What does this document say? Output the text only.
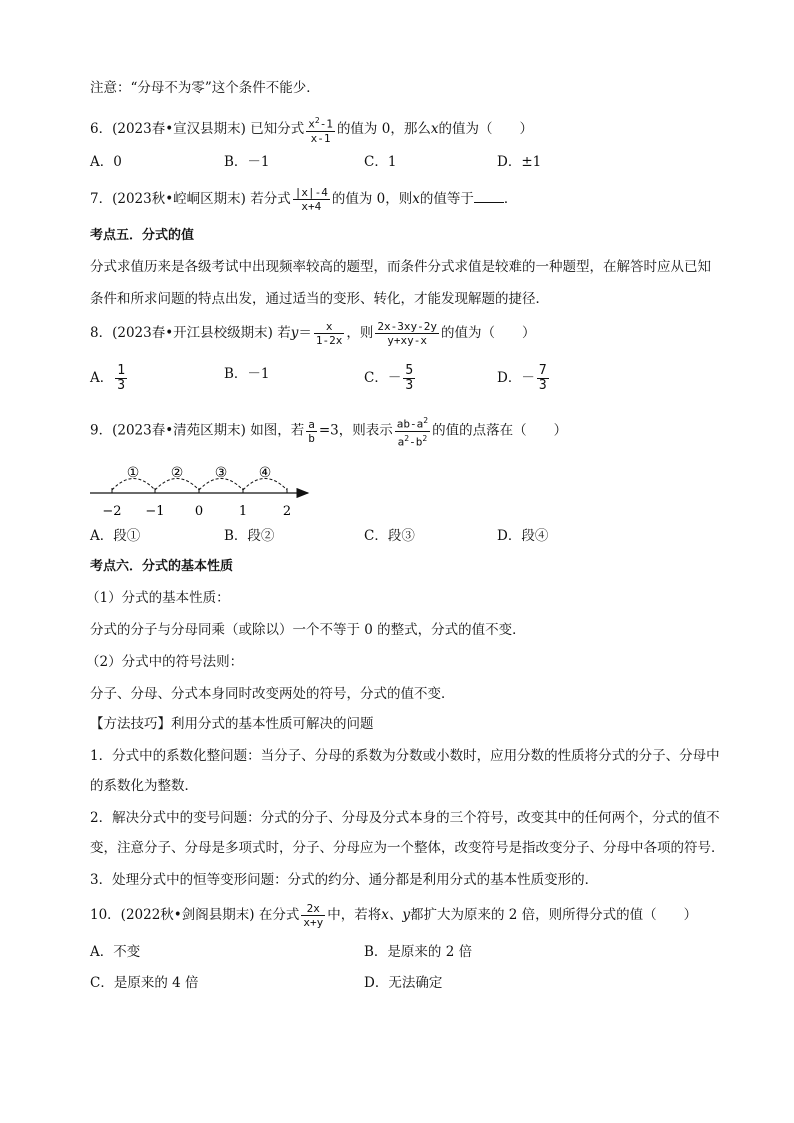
注意：“分母不为零”这个条件不能少．
6．(2023春•宣汉县期末) 已知分式 $\frac{x^2-1}{x-1}$ 的值为 0，那么x的值为（　　）
A．0	B．－1	C．1	D．±1
7．(2023秋•崆峒区期末) 若分式 $\frac{|x|-4}{x+4}$ 的值为 0，则x的值等于 ．
考点五．分式的值
分式求值历来是各级考试中出现频率较高的题型，而条件分式求值是较难的一种题型，在解答时应从已知
条件和所求问题的特点出发，通过适当的变形、转化，才能发现解题的捷径．
8．(2023春•开江县校级期末) 若$y= \frac{x}{1-2x}$ ，则 $\frac{2x-3xy-2y}{y+xy-x}$ 的值为（　　）
A． $\frac{1}{3}$	B．－1	C．－ $\frac{5}{3}$	D．－ $\frac{7}{3}$
9．(2023春•清苑区期末) 如图，若 $\frac{a}{b} =3$，则表示 $\frac{ab-a^2}{a^2-b^2}$ 的值的点落在（　　）
① ② ③ ④
−2 −1 0	1	2
A．段①	B．段②	C．段③	D．段④
考点六．分式的基本性质
（1）分式的基本性质：
分式的分子与分母同乘（或除以）一个不等于 0 的整式，分式的值不变．
（2）分式中的符号法则：
分子、分母、分式本身同时改变两处的符号，分式的值不变．
【方法技巧】利用分式的基本性质可解决的问题
1．分式中的系数化整问题：当分子、分母的系数为分数或小数时，应用分数的性质将分式的分子、分母中
的系数化为整数．
2．解决分式中的变号问题：分式的分子、分母及分式本身的三个符号，改变其中的任何两个，分式的值不
变，注意分子、分母是多项式时，分子、分母应为一个整体，改变符号是指改变分子、分母中各项的符号．
3．处理分式中的恒等变形问题：分式的约分、通分都是利用分式的基本性质变形的．
10．(2022秋•剑阁县期末) 在分式 $\frac{2x}{x+y}$ 中，若将x、y都扩大为原来的 2 倍，则所得分式的值（　　）
A．不变	B．是原来的 2 倍
C．是原来的 4 倍	D．无法确定
